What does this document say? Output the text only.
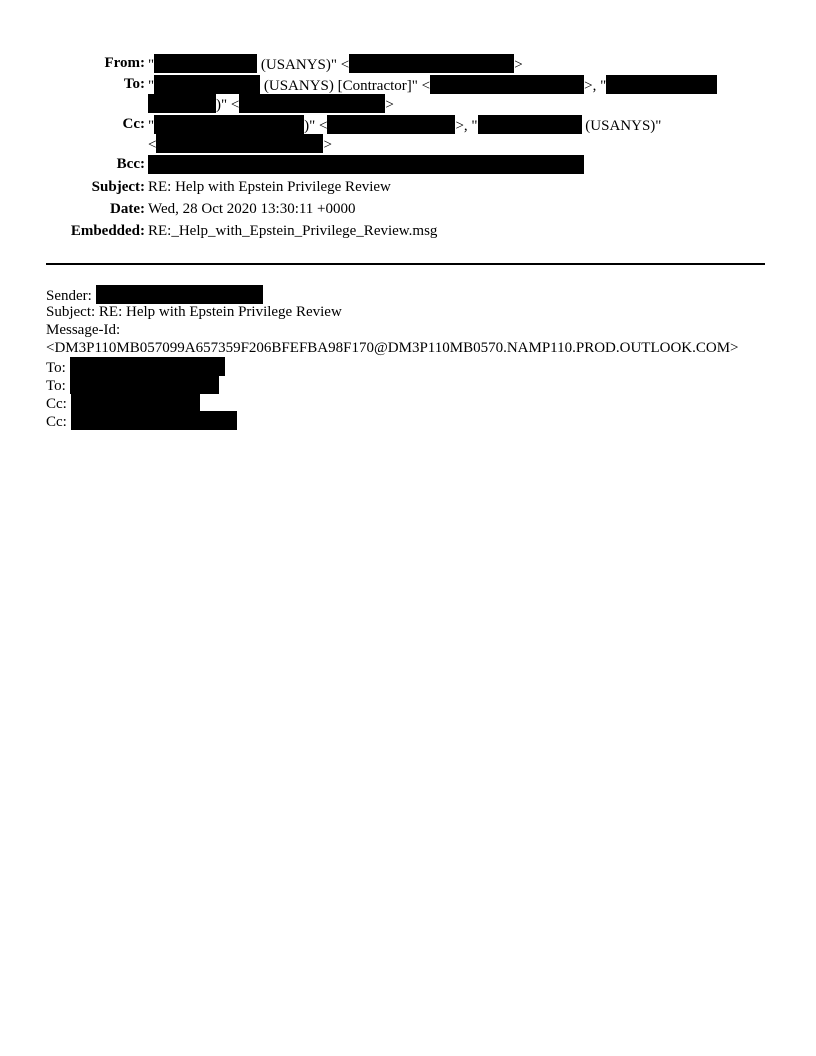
From: "	(USANYS)" <	>
To: "	(USANYS) [Contractor]" <	>, "
)" <	>
Cc: "	)" <	>, "	(USANYS)"
<	>
Bcc:
Subject: RE: Help with Epstein Privilege Review
Date: Wed, 28 Oct 2020 13:30:11 +0000
Embedded: RE:_Help_with_Epstein_Privilege_Review.msg
Sender:
Subject: RE: Help with Epstein Privilege Review
Message-Id:
<DM3P110MB057099A657359F206BFEFBA98F170@DM3P110MB0570.NAMP110.PROD.OUTLOOK.COM>
To:
To:
Cc:
Cc:
